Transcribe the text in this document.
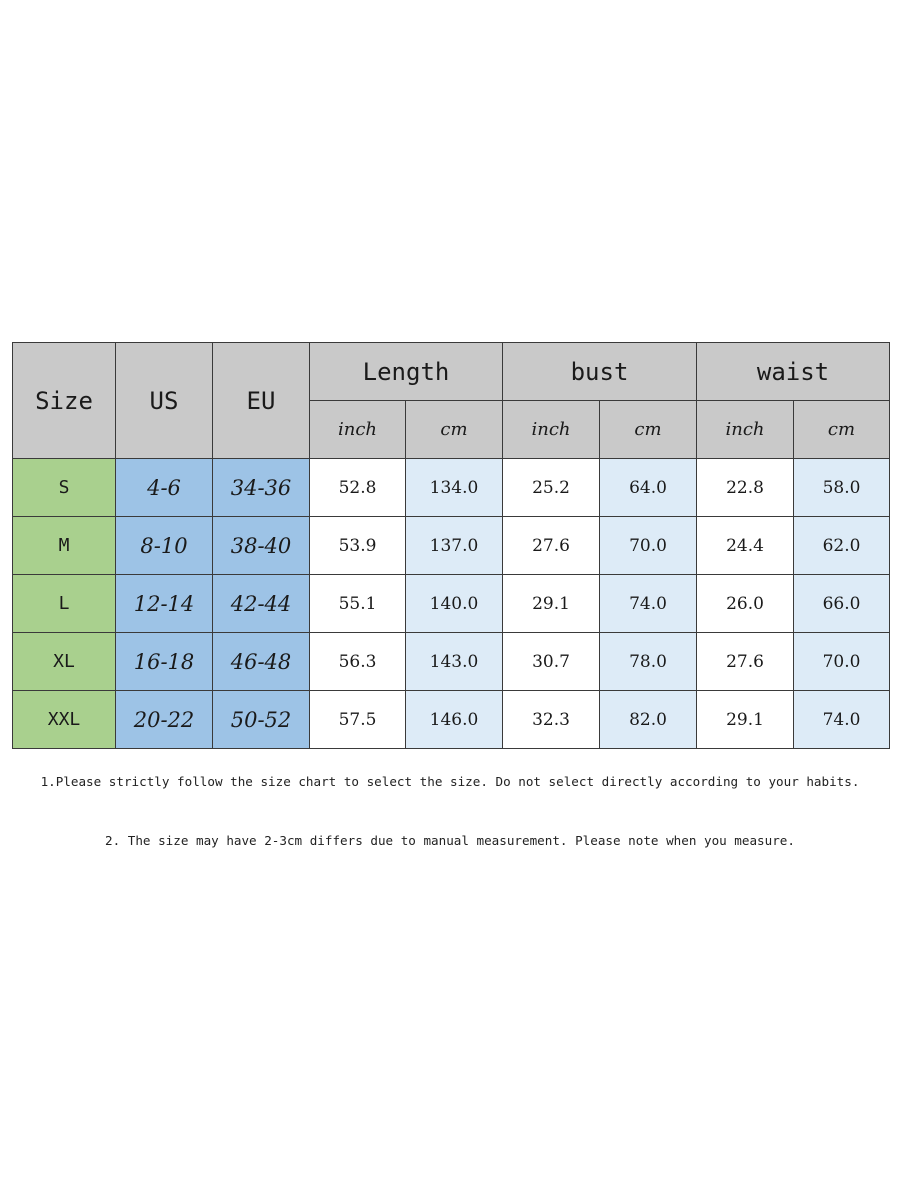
Size	US	EU	Length		bust		waist	
			inch	cm	inch	cm	inch	cm
S	4-6	34-36	52.8	134.0	25.2	64.0	22.8	58.0
M	8-10	38-40	53.9	137.0	27.6	70.0	24.4	62.0
L	12-14	42-44	55.1	140.0	29.1	74.0	26.0	66.0
XL	16-18	46-48	56.3	143.0	30.7	78.0	27.6	70.0
XXL	20-22	50-52	57.5	146.0	32.3	82.0	29.1	74.0
1.Please strictly follow the size chart to select the size. Do not select directly according to your habits.
2. The size may have 2-3cm differs due to manual measurement. Please note when you measure.
